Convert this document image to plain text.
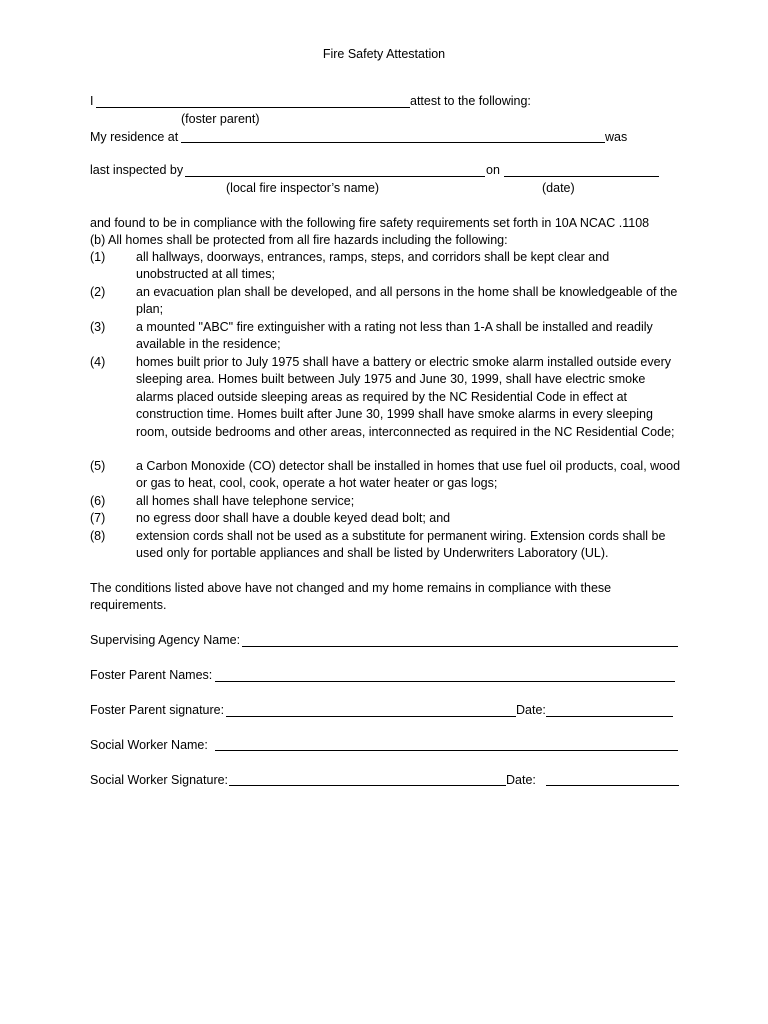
Fire Safety Attestation
I	attest to the following:
(foster parent)
My residence at	was
last inspected by	on
(local fire inspector’s name)	(date)
and found to be in compliance with the following fire safety requirements set forth in 10A NCAC .1108
(b) All homes shall be protected from all fire hazards including the following:
(1) all hallways, doorways, entrances, ramps, steps, and corridors shall be kept clear and unobstructed at all times;
(2) an evacuation plan shall be developed, and all persons in the home shall be knowledgeable of the plan;
(3) a mounted "ABC" fire extinguisher with a rating not less than 1-A shall be installed and readily available in the residence;
(4) homes built prior to July 1975 shall have a battery or electric smoke alarm installed outside every sleeping area. Homes built between July 1975 and June 30, 1999, shall have electric smoke alarms placed outside sleeping areas as required by the NC Residential Code in effect at construction time. Homes built after June 30, 1999 shall have smoke alarms in every sleeping room, outside bedrooms and other areas, interconnected as required in the NC Residential Code;
(5) a Carbon Monoxide (CO) detector shall be installed in homes that use fuel oil products, coal, wood or gas to heat, cool, cook, operate a hot water heater or gas logs;
(6) all homes shall have telephone service;
(7) no egress door shall have a double keyed dead bolt; and
(8) extension cords shall not be used as a substitute for permanent wiring. Extension cords shall be used only for portable appliances and shall be listed by Underwriters Laboratory (UL).
The conditions listed above have not changed and my home remains in compliance with these requirements.
Supervising Agency Name:
Foster Parent Names:
Foster Parent signature:	Date:
Social Worker Name:
Social Worker Signature:	Date:
